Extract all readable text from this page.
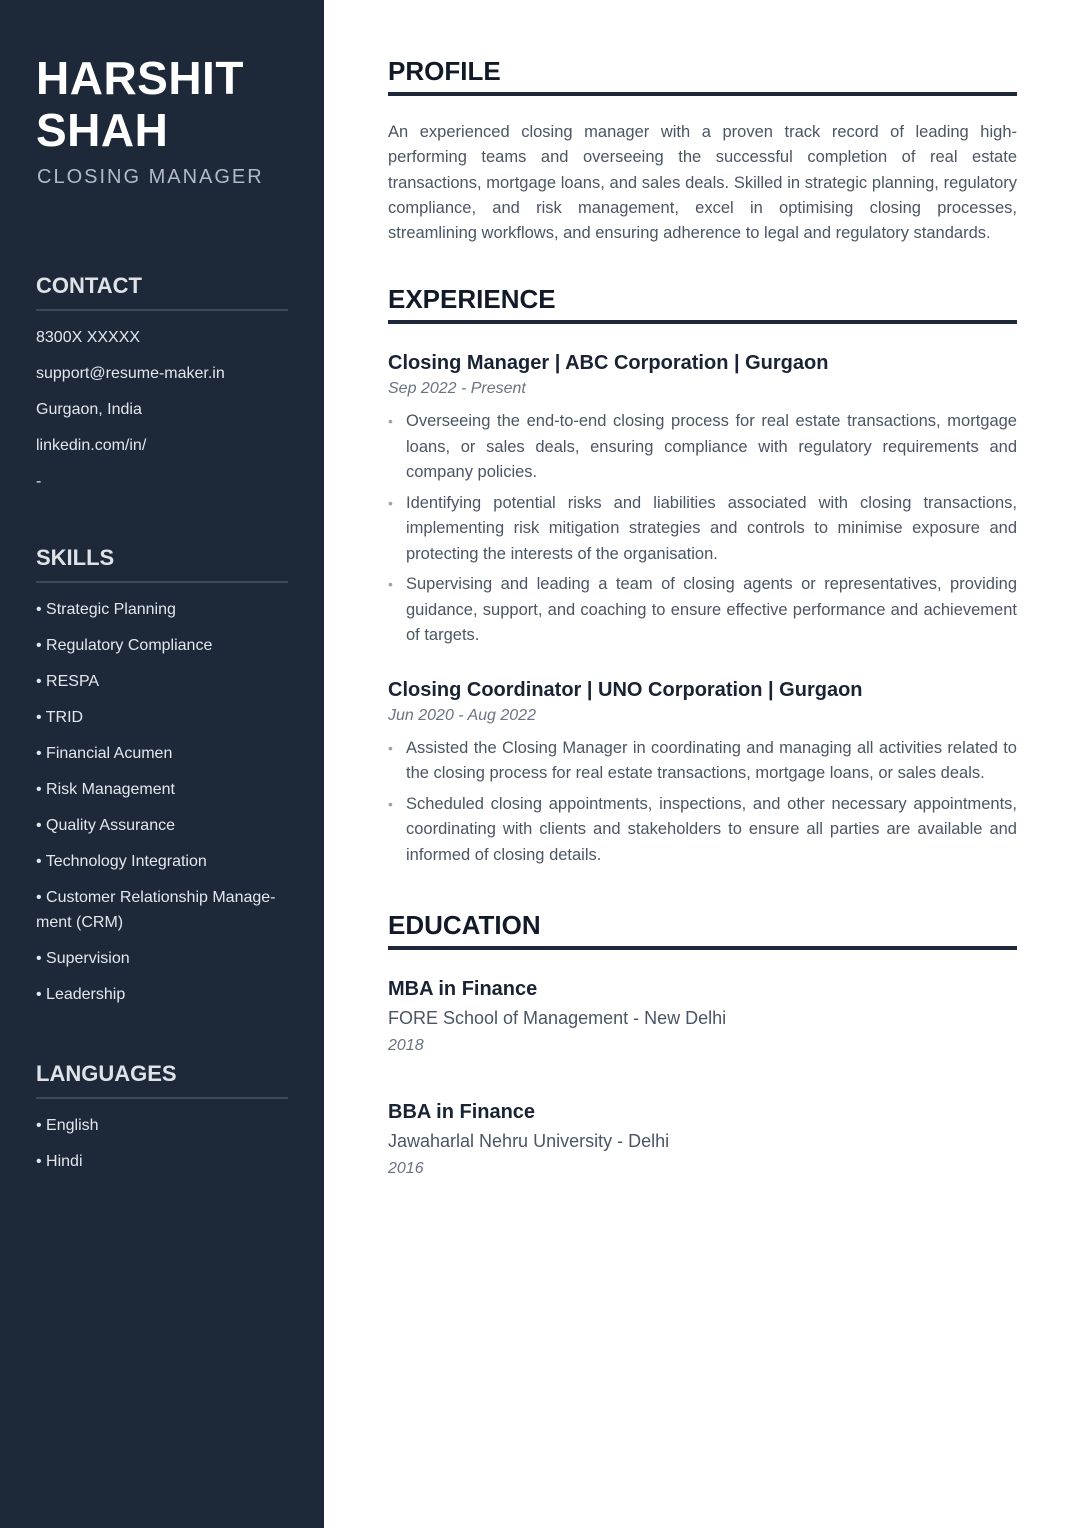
HARSHIT
SHAH
CLOSING MANAGER
CONTACT
8300X XXXXX
support@resume-maker.in
Gurgaon, India
linkedin.com/in/
-
SKILLS
• Strategic Planning
• Regulatory Compliance
• RESPA
• TRID
• Financial Acumen
• Risk Management
• Quality Assurance
• Technology Integration
• Customer Relationship Manage-ment (CRM)
• Supervision
• Leadership
LANGUAGES
• English
• Hindi
PROFILE

An experienced closing manager with a proven track record of leading high-performing teams and overseeing the successful completion of real estate transactions, mortgage loans, and sales deals. Skilled in strategic planning, regulatory compliance, and risk management, excel in optimising closing processes, streamlining workflows, and ensuring adherence to legal and regulatory standards.

EXPERIENCE
Closing Manager | ABC Corporation | Gurgaon
Sep 2022 - Present
• Overseeing the end-to-end closing process for real estate transactions, mortgage loans, or sales deals, ensuring compliance with regulatory requirements and company policies.
• Identifying potential risks and liabilities associated with closing transactions, implementing risk mitigation strategies and controls to minimise exposure and protecting the interests of the organisation.
• Supervising and leading a team of closing agents or representatives, providing guidance, support, and coaching to ensure effective performance and achievement of targets.
Closing Coordinator | UNO Corporation | Gurgaon
Jun 2020 - Aug 2022
• Assisted the Closing Manager in coordinating and managing all activities related to the closing process for real estate transactions, mortgage loans, or sales deals.
• Scheduled closing appointments, inspections, and other necessary appointments, coordinating with clients and stakeholders to ensure all parties are available and informed of closing details.
EDUCATION
MBA in Finance
FORE School of Management - New Delhi
2018
BBA in Finance
Jawaharlal Nehru University - Delhi
2016
